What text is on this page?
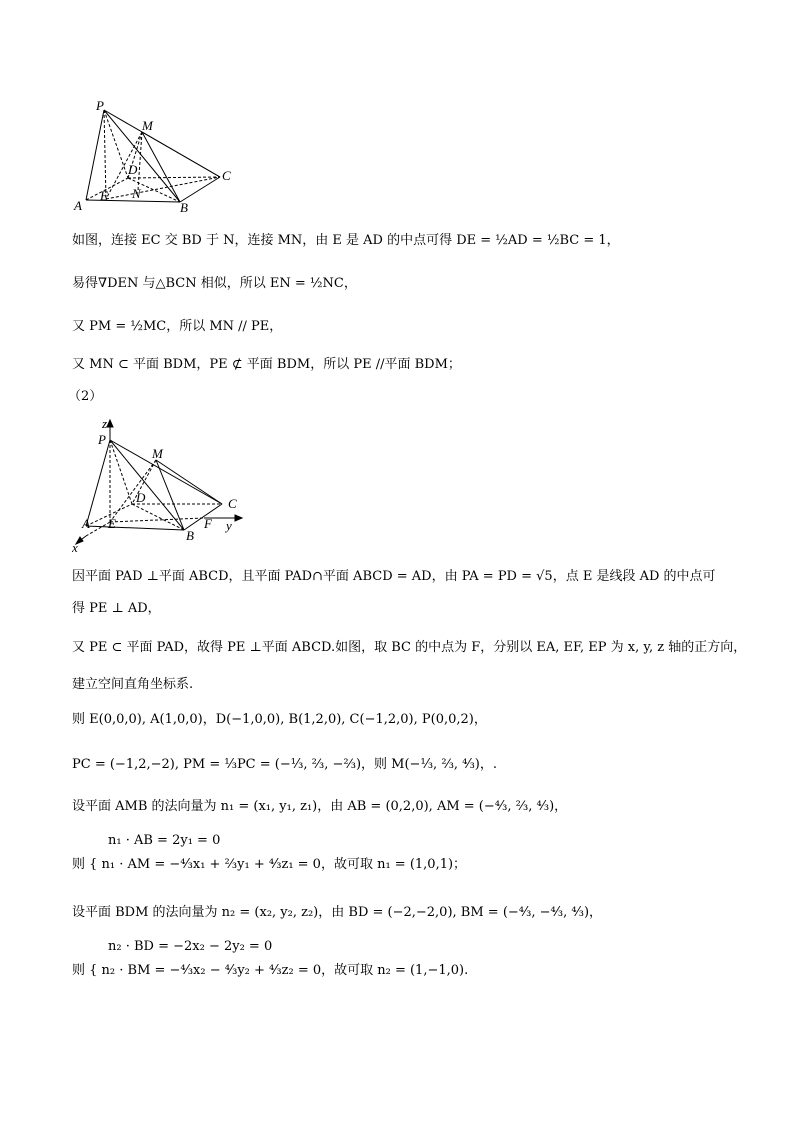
P
M
D	C
A
E N
B
如图，连接 EC 交 BD 于 N，连接 MN，由 E 是 AD 的中点可得 DE = ½AD = ½BC = 1，
易得∇DEN 与△BCN 相似，所以 EN = ½NC，
又 PM = ½MC，所以 MN // PE，
又 MN ⊂ 平面 BDM，PE ⊄ 平面 BDM，所以 PE //平面 BDM；
（2）
z
P
M
D	C
A E
B
F y
x
因平面 PAD ⊥平面 ABCD，且平面 PAD∩平面 ABCD = AD，由 PA = PD = √5，点 E 是线段 AD 的中点可
得 PE ⊥ AD，
又 PE ⊂ 平面 PAD，故得 PE ⊥平面 ABCD.如图，取 BC 的中点为 F，分别以 EA, EF, EP 为 x, y, z 轴的正方向，
建立空间直角坐标系.
则 E(0,0,0), A(1,0,0)，D(−1,0,0), B(1,2,0), C(−1,2,0), P(0,0,2)，
PC = (−1,2,−2), PM = ⅓PC = (−⅓, ⅔, −⅔)，则 M(−⅓, ⅔, ⁴⁄₃)，.
设平面 AMB 的法向量为 n₁ = (x₁, y₁, z₁)，由 AB = (0,2,0), AM = (−⁴⁄₃, ⅔, ⁴⁄₃)，
n₁ · AB = 2y₁ = 0
则 { n₁ · AM = −⁴⁄₃x₁ + ⅔y₁ + ⁴⁄₃z₁ = 0，故可取 n₁ = (1,0,1)；
设平面 BDM 的法向量为 n₂ = (x₂, y₂, z₂)，由 BD = (−2,−2,0), BM = (−⁴⁄₃, −⁴⁄₃, ⁴⁄₃)，
n₂ · BD = −2x₂ − 2y₂ = 0
则 { n₂ · BM = −⁴⁄₃x₂ − ⁴⁄₃y₂ + ⁴⁄₃z₂ = 0，故可取 n₂ = (1,−1,0).
